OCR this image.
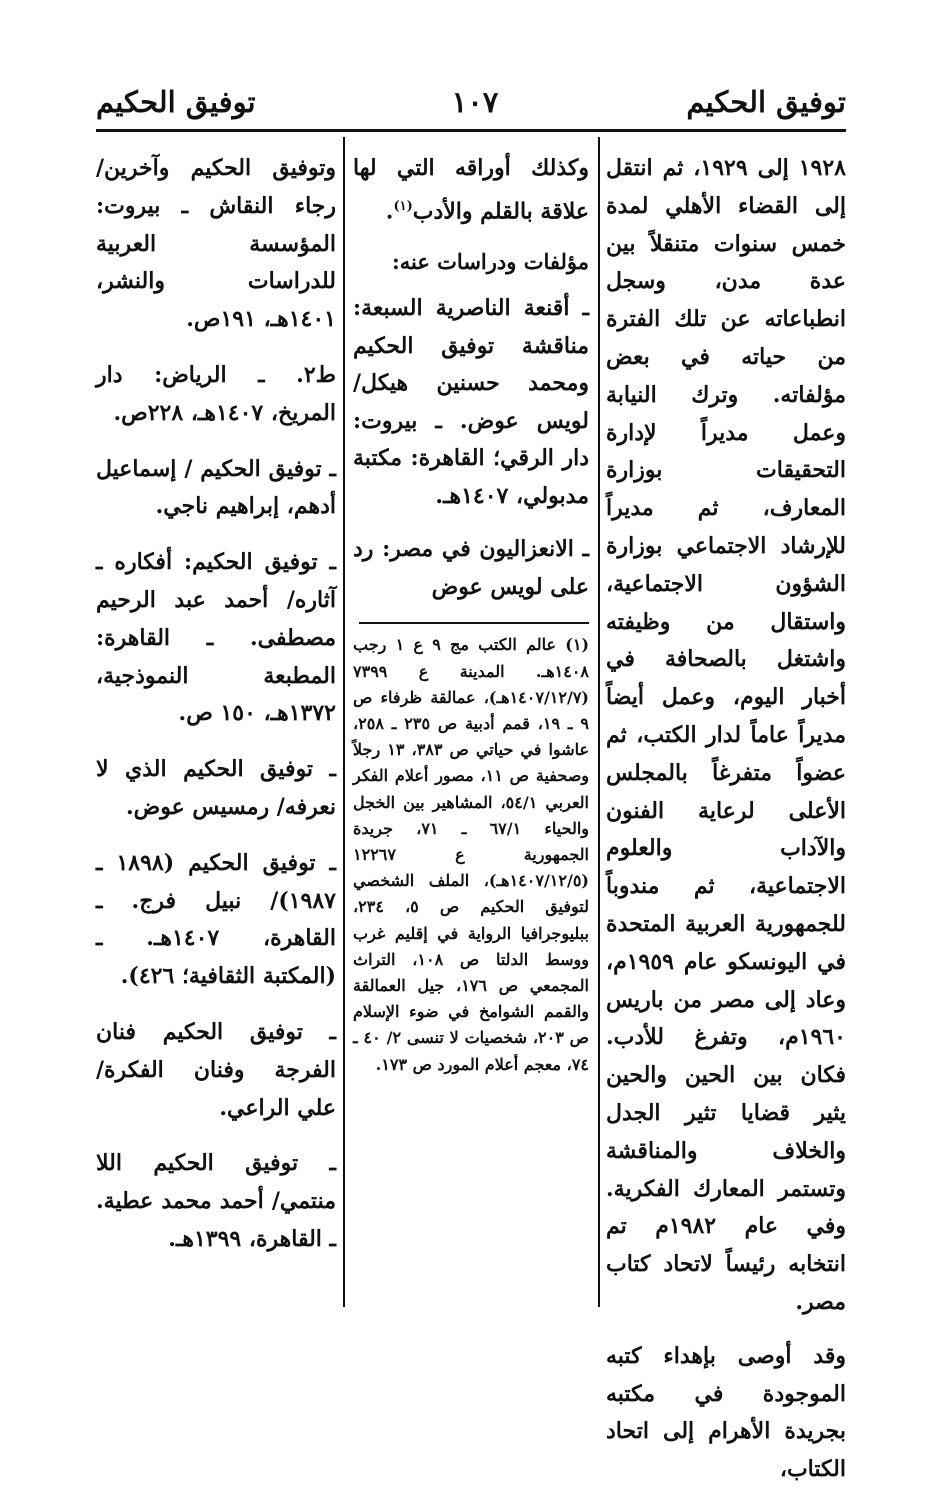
توفيق الحكيم
١٠٧
توفيق الحكيم

١٩٢٨ إلى ١٩٢٩، ثم انتقل إلى القضاء الأهلي لمدة خمس سنوات متنقلاً بين عدة مدن، وسجل انطباعاته عن تلك الفترة من حياته في بعض مؤلفاته. وترك النيابة وعمل مديراً لإدارة التحقيقات بوزارة المعارف، ثم مديراً للإرشاد الاجتماعي بوزارة الشؤون الاجتماعية، واستقال من وظيفته واشتغل بالصحافة في أخبار اليوم، وعمل أيضاً مديراً عاماً لدار الكتب، ثم عضواً متفرغاً بالمجلس الأعلى لرعاية الفنون والآداب والعلوم الاجتماعية، ثم مندوباً للجمهورية العربية المتحدة في اليونسكو عام ١٩٥٩م، وعاد إلى مصر من باريس ١٩٦٠م، وتفرغ للأدب. فكان بين الحين والحين يثير قضايا تثير الجدل والخلاف والمناقشة وتستمر المعارك الفكرية. وفي عام ١٩٨٢م تم انتخابه رئيساً لاتحاد كتاب مصر.

وقد أوصى بإهداء كتبه الموجودة في مكتبه بجريدة الأهرام إلى اتحاد الكتاب،

وكذلك أوراقه التي لها علاقة بالقلم والأدب$^{(١)}$.

مؤلفات ودراسات عنه:

ـ أقنعة الناصرية السبعة: مناقشة توفيق الحكيم ومحمد حسنين هيكل/ لويس عوض. ـ بيروت: دار الرقي؛ القاهرة: مكتبة مدبولي، ١٤٠٧هـ.

ـ الانعزاليون في مصر: رد على لويس عوض

(١) عالم الكتب مج ٩ ع ١ رجب ١٤٠٨هـ. المدينة ع ٧٣٩٩ (١٤٠٧/١٢/٧هـ)، عمالقة ظرفاء ص ٩ ـ ١٩، قمم أدبية ص ٢٣٥ ـ ٢٥٨، عاشوا في حياتي ص ٣٨٣، ١٣ رجلاً وصحفية ص ١١، مصور أعلام الفكر العربي ٥٤/١، المشاهير بين الخجل والحياء ٦٧/١ ـ ٧١، جريدة الجمهورية ع ١٢٢٦٧ (١٤٠٧/١٢/٥هـ)، الملف الشخصي لتوفيق الحكيم ص ٥، ٢٣٤، ببليوجرافيا الرواية في إقليم غرب ووسط الدلتا ص ١٠٨، التراث المجمعي ص ١٧٦، جيل العمالقة والقمم الشوامخ في ضوء الإسلام ص ٢٠٣، شخصيات لا تنسى ٢/ ٤٠ ـ ٧٤، معجم أعلام المورد ص ١٧٣.

وتوفيق الحكيم وآخرين/ رجاء النقاش ـ بيروت: المؤسسة العربية للدراسات والنشر، ١٤٠١هـ، ١٩١ص.

ط٢. ـ الرياض: دار المريخ، ١٤٠٧هـ، ٢٢٨ص.

ـ توفيق الحكيم / إسماعيل أدهم، إبراهيم ناجي.

ـ توفيق الحكيم: أفكاره ـ آثاره/ أحمد عبد الرحيم مصطفى. ـ القاهرة: المطبعة النموذجية، ١٣٧٢هـ، ١٥٠ ص.

ـ توفيق الحكيم الذي لا نعرفه/ رمسيس عوض.

ـ توفيق الحكيم (١٨٩٨ ـ ١٩٨٧)/ نبيل فرج. ـ القاهرة، ١٤٠٧هـ. ـ (المكتبة الثقافية؛ ٤٢٦).

ـ توفيق الحكيم فنان الفرجة وفنان الفكرة/ علي الراعي.

ـ توفيق الحكيم اللا منتمي/ أحمد محمد عطية. ـ القاهرة، ١٣٩٩هـ.
